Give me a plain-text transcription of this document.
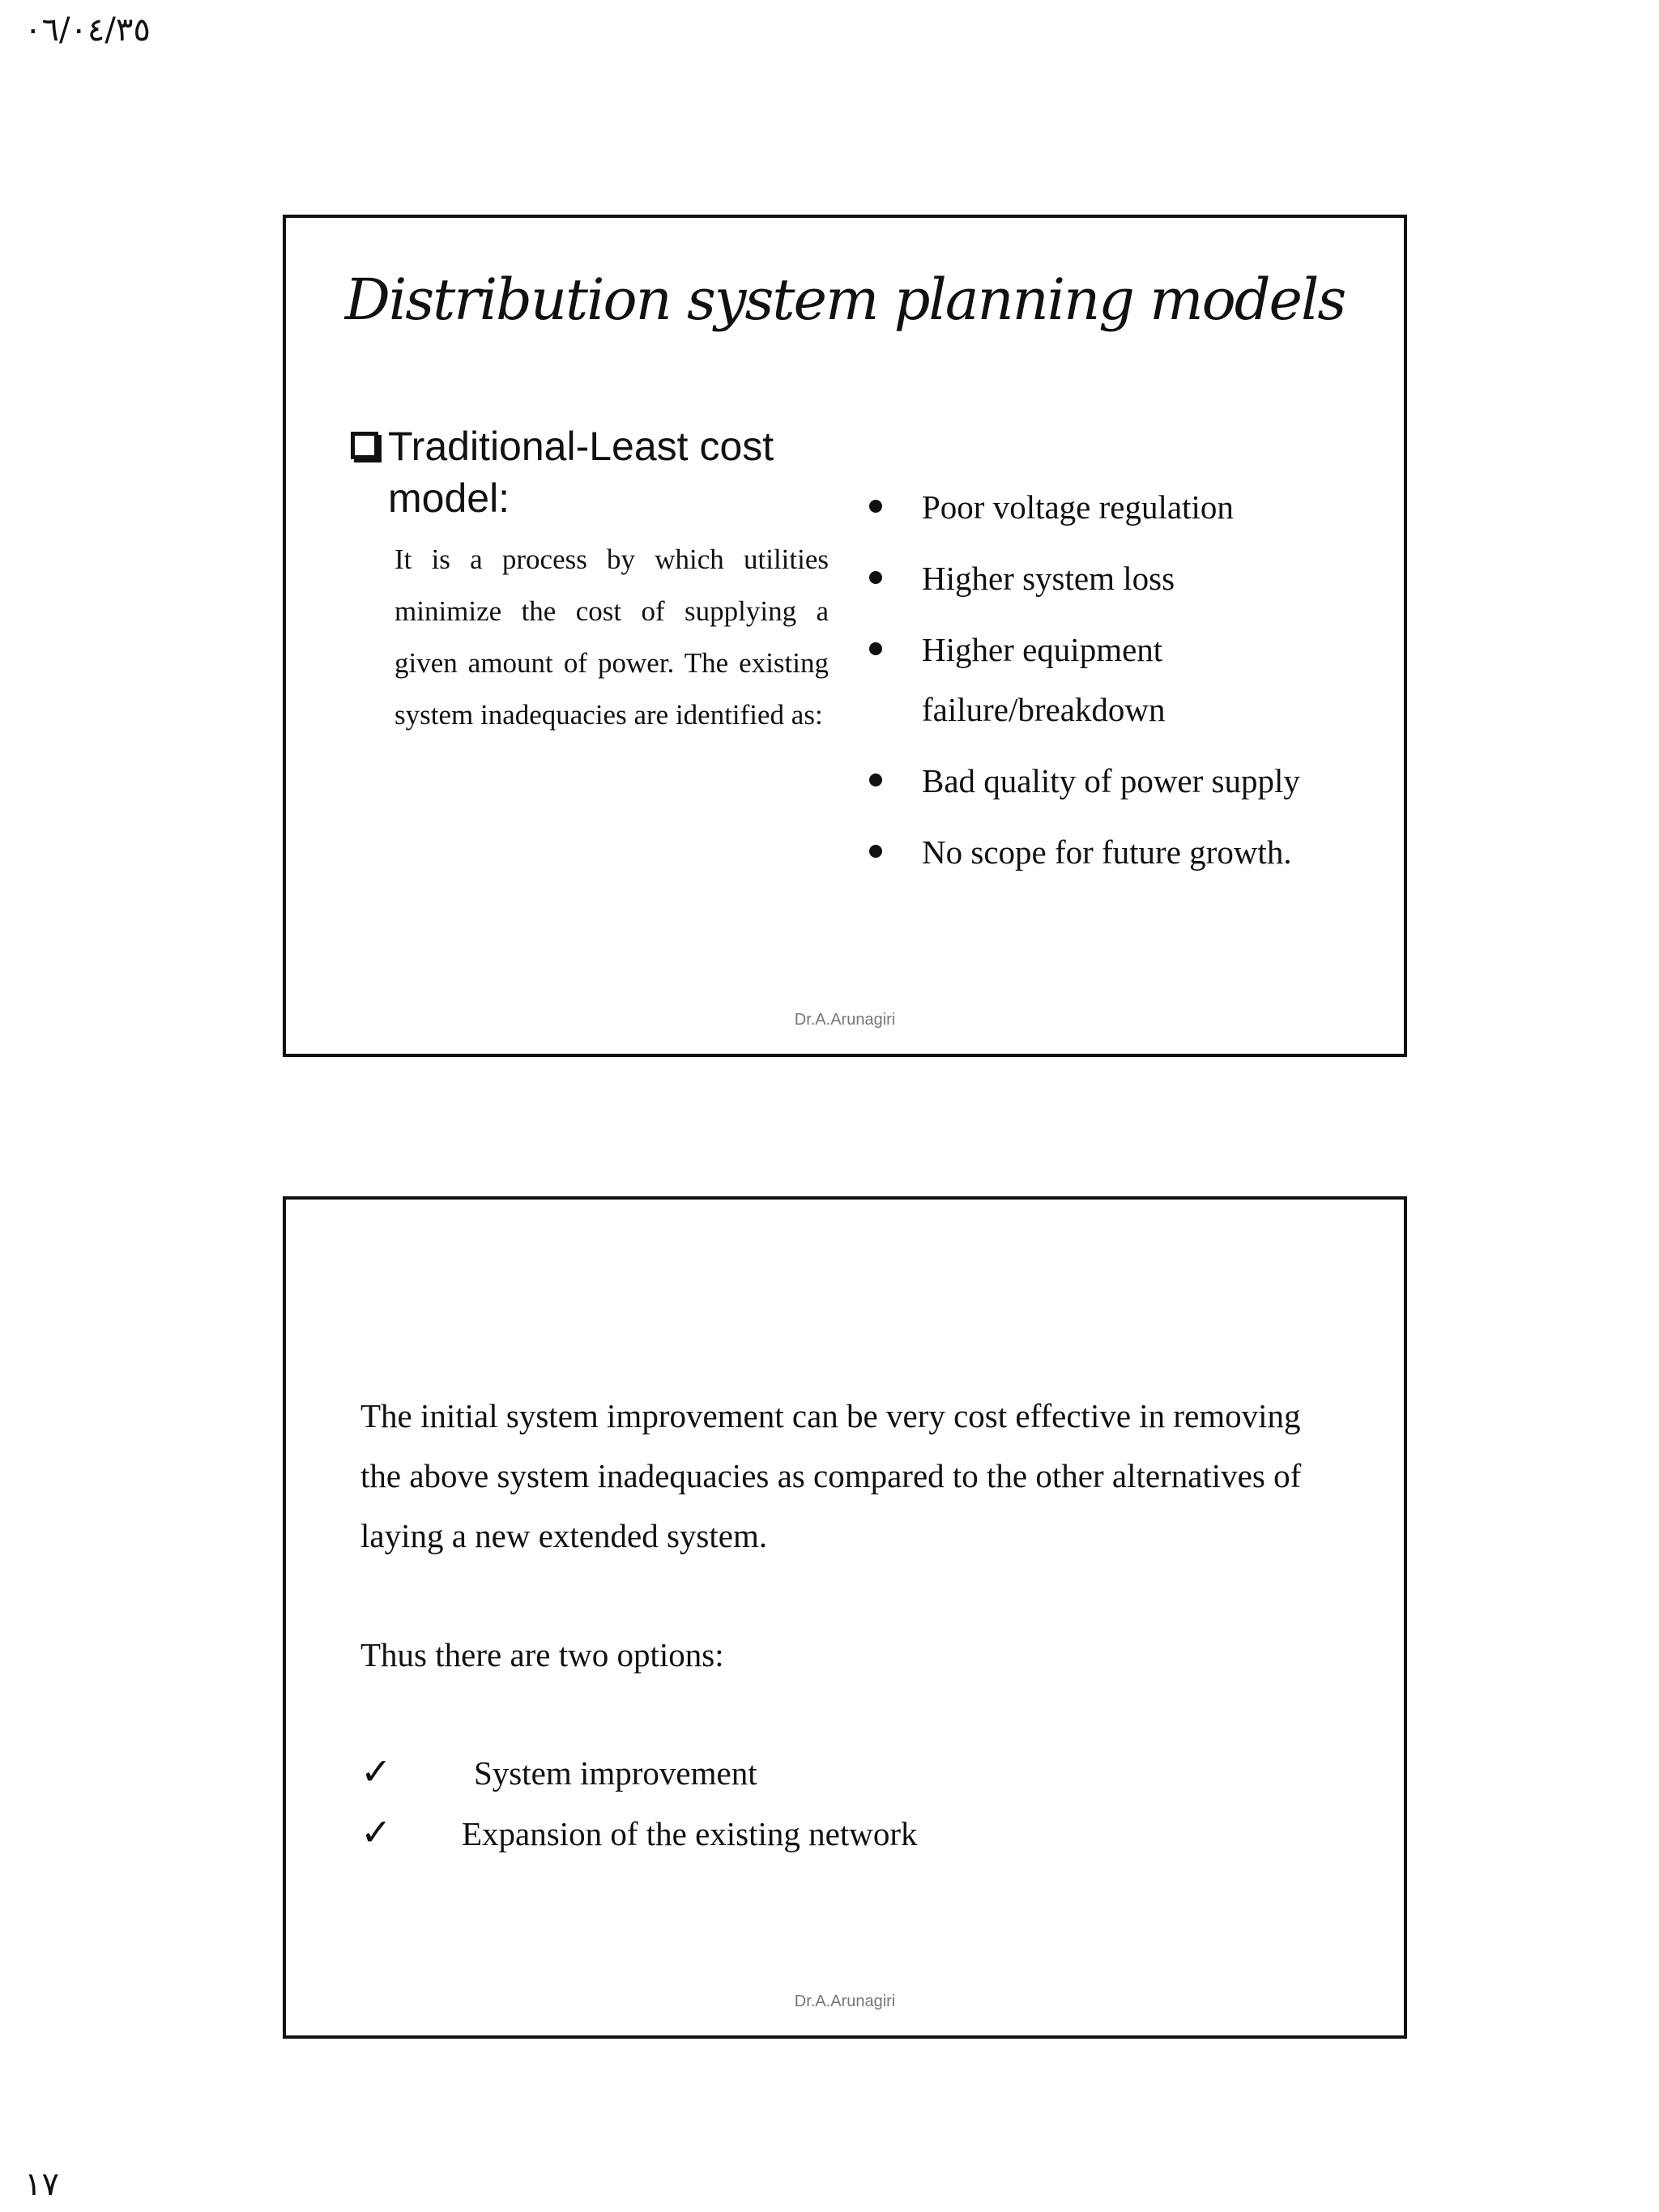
٠٦/٠٤/٣٥
Distribution system planning models
Traditional-Least cost model:
It is a process by which utilities minimize the cost of supplying a given amount of power. The existing system inadequacies are identified as:
Poor voltage regulation
Higher system loss
Higher equipment failure/breakdown
Bad quality of power supply
No scope for future growth.
Dr.A.Arunagiri
The initial system improvement can be very cost effective in removing the above system inadequacies as compared to the other alternatives of laying a new extended system.
Thus there are two options:
✓ System improvement
✓ Expansion of the existing network
Dr.A.Arunagiri
١٧
